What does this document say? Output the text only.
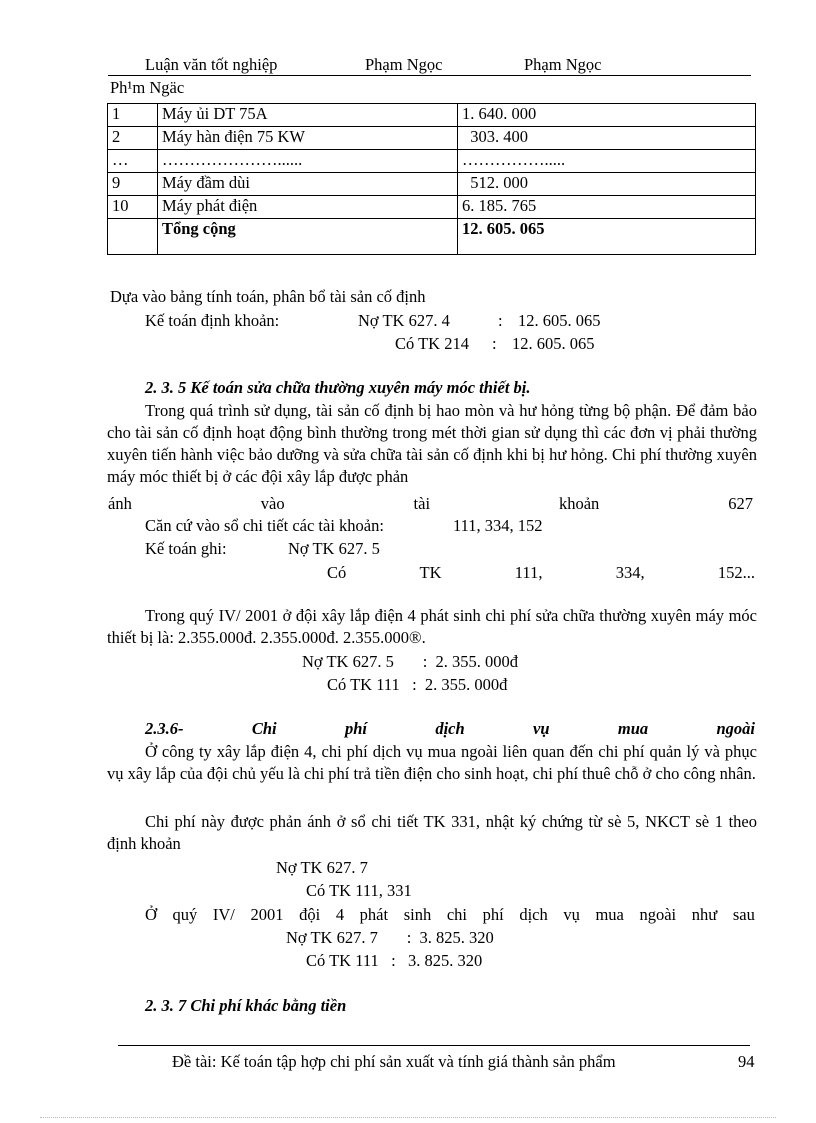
Luận văn tốt nghiệp	Phạm Ngọc	Phạm Ngọc
Ph¹m Ngäc
1	Máy ủi DT 75A	1. 640. 000
2	Máy hàn điện 75 KW	303. 400
…	…………………......	…………….....
9	Máy đầm dùi	512. 000
10	Máy phát điện	6. 185. 765
	Tổng cộng	12. 605. 065
Dựa vào bảng tính toán, phân bổ tài sản cố định
Kế toán định khoản:	Nợ TK 627. 4	: 12. 605. 065
Có TK 214 : 12. 605. 065
2. 3. 5 Kế toán sửa chữa thường xuyên máy móc thiết bị.
Trong quá trình sử dụng, tài sản cố định bị hao mòn và hư hỏng từng bộ phận. Để đảm bảo cho tài sản cố định hoạt động bình thường trong mét thời gian sử dụng thì các đơn vị phải thường xuyên tiến hành việc bảo dưỡng và sửa chữa tài sản cố định khi bị hư hỏng. Chi phí thường xuyên máy móc thiết bị ở các đội xây lắp được phản
ánh	vào	tài	khoản	627
Căn cứ vào sổ chi tiết các tài khoản:	111, 334, 152
Kế toán ghi:	Nợ TK 627. 5
Có	TK	111,	334,	152...
Trong quý IV/ 2001 ở đội xây lắp điện 4 phát sinh chi phí sửa chữa thường xuyên máy móc thiết bị là: 2.355.000đ. 2.355.000đ. 2.355.000®.
Nợ TK 627. 5       :  2. 355. 000đ
Có TK 111   :  2. 355. 000đ
2.3.6-	Chi	phí	dịch	vụ	mua	ngoài
Ở công ty xây lắp điện 4, chi phí dịch vụ mua ngoài liên quan đến chi phí quản lý và phục vụ xây lắp của đội chủ yếu là chi phí trả tiền điện cho sinh hoạt, chi phí thuê chỗ ở cho công nhân.
Chi phí này được phản ánh ở sổ chi tiết TK 331, nhật ký chứng từ sè 5, NKCT sè 1 theo định khoản
Nợ TK 627. 7
Có TK 111, 331
Ở quý IV/ 2001 đội 4 phát sinh chi phí dịch vụ mua ngoài như sau
Nợ TK 627. 7       :  3. 825. 320
Có TK 111   :   3. 825. 320
2. 3. 7 Chi phí khác bằng tiền
Đề tài: Kế toán tập hợp chi phí sản xuất và tính giá thành sản phẩm	94
